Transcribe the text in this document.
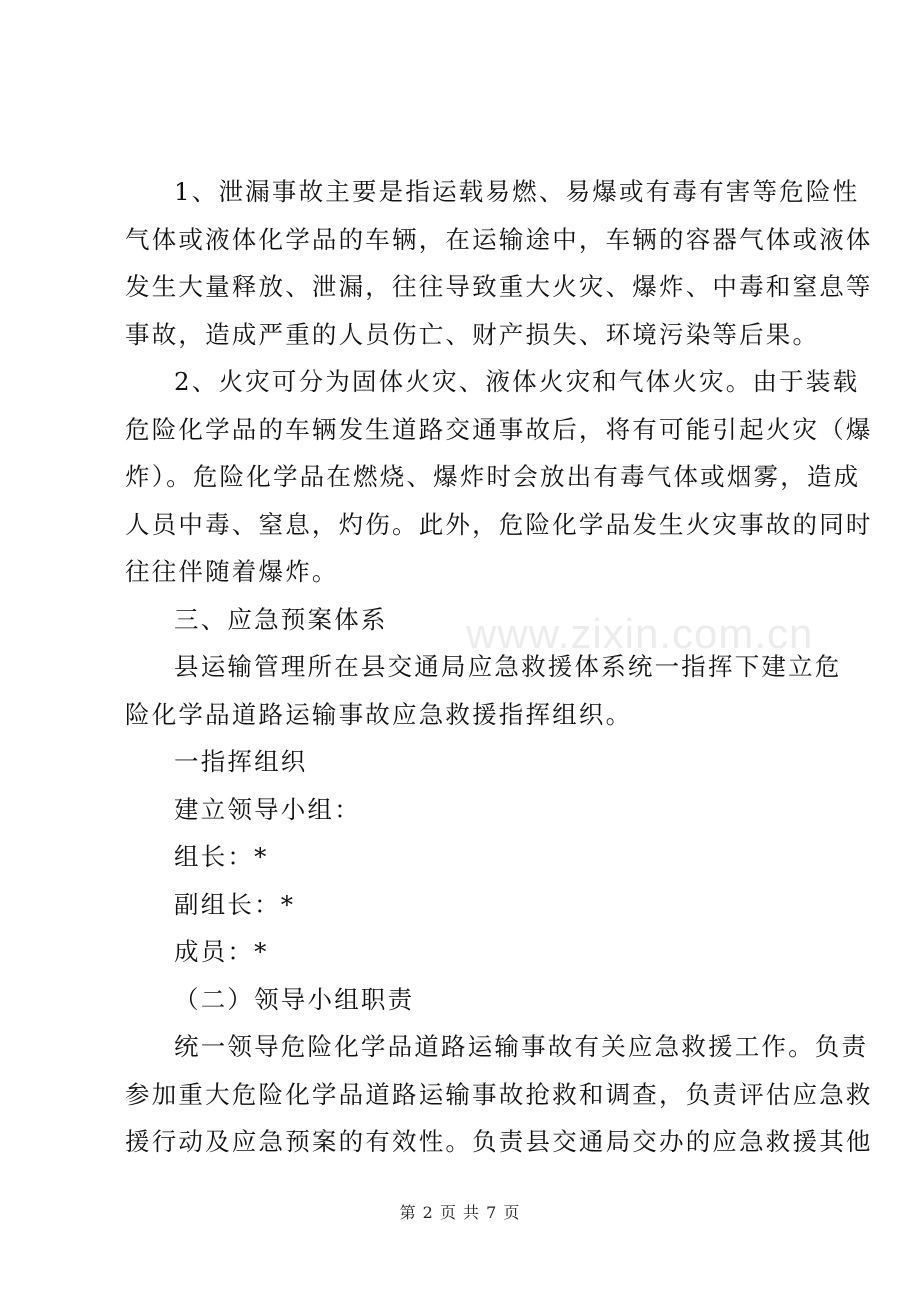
1、泄漏事故主要是指运载易燃、易爆或有毒有害等危险性
气体或液体化学品的车辆，在运输途中，车辆的容器气体或液体
发生大量释放、泄漏，往往导致重大火灾、爆炸、中毒和窒息等
事故，造成严重的人员伤亡、财产损失、环境污染等后果。

2、火灾可分为固体火灾、液体火灾和气体火灾。由于装载
危险化学品的车辆发生道路交通事故后，将有可能引起火灾（爆
炸）。危险化学品在燃烧、爆炸时会放出有毒气体或烟雾，造成
人员中毒、窒息，灼伤。此外，危险化学品发生火灾事故的同时
往往伴随着爆炸。

三、应急预案体系

县运输管理所在县交通局应急救援体系统一指挥下建立危
险化学品道路运输事故应急救援指挥组织。

一指挥组织

建立领导小组：

组长：*

副组长：*

成员：*

（二）领导小组职责

统一领导危险化学品道路运输事故有关应急救援工作。负责
参加重大危险化学品道路运输事故抢救和调查，负责评估应急救
援行动及应急预案的有效性。负责县交通局交办的应急救援其他

www.zixin.com.cn
第 2 页 共 7 页
